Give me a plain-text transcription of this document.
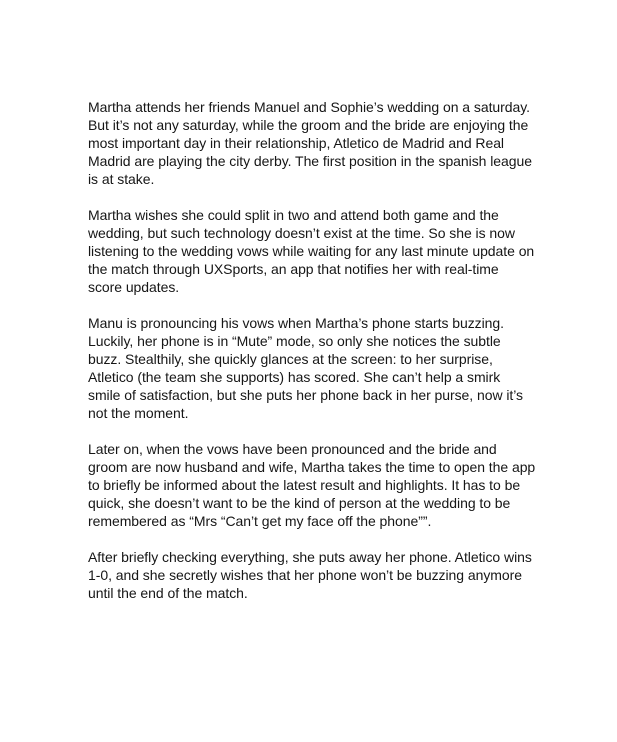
Martha attends her friends Manuel and Sophie’s wedding on a saturday. But it’s not any saturday, while the groom and the bride are enjoying the most important day in their relationship, Atletico de Madrid and Real Madrid are playing the city derby. The first position in the spanish league is at stake.

Martha wishes she could split in two and attend both game and the wedding, but such technology doesn’t exist at the time. So she is now listening to the wedding vows while waiting for any last minute update on the match through UXSports, an app that notifies her with real-time score updates.

Manu is pronouncing his vows when Martha’s phone starts buzzing. Luckily, her phone is in “Mute” mode, so only she notices the subtle buzz. Stealthily, she quickly glances at the screen: to her surprise, Atletico (the team she supports) has scored. She can’t help a smirk smile of satisfaction, but she puts her phone back in her purse, now it’s not the moment.

Later on, when the vows have been pronounced and the bride and groom are now husband and wife, Martha takes the time to open the app to briefly be informed about the latest result and highlights. It has to be quick, she doesn’t want to be the kind of person at the wedding to be remembered as “Mrs “Can’t get my face off the phone””.

After briefly checking everything, she puts away her phone. Atletico wins 1-0, and she secretly wishes that her phone won’t be buzzing anymore until the end of the match.
